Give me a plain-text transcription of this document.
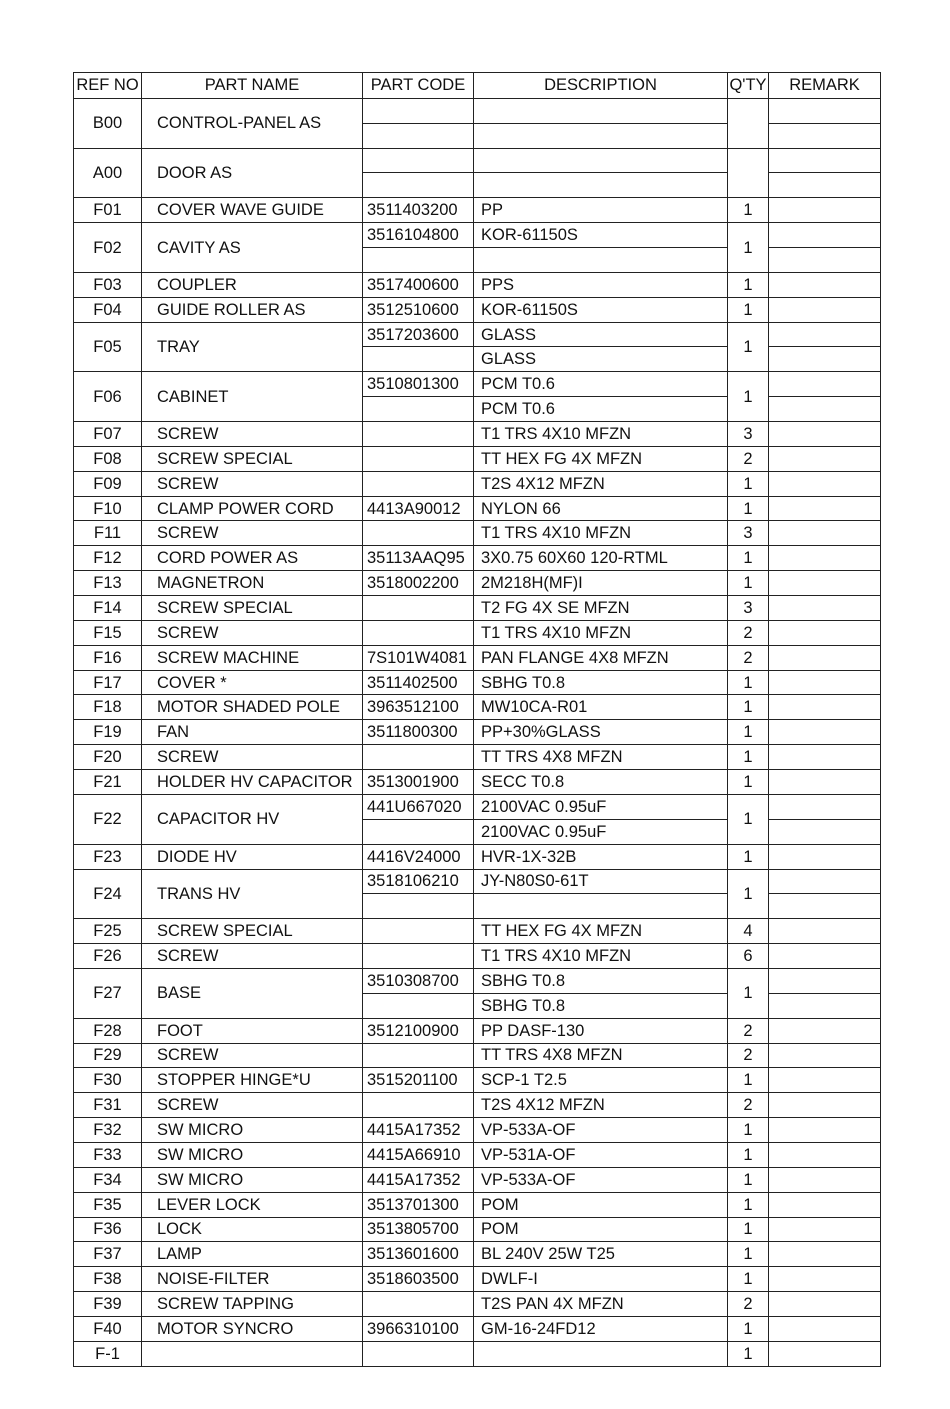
REF NO	PART NAME	PART CODE	DESCRIPTION	Q'TY	REMARK
B00	CONTROL-PANEL AS				

A00	DOOR AS				

F01	COVER WAVE GUIDE	3511403200	PP	1	
F02	CAVITY AS	3516104800	KOR-61150S	1	

F03	COUPLER	3517400600	PPS	1	
F04	GUIDE ROLLER AS	3512510600	KOR-61150S	1	
F05	TRAY	3517203600	GLASS	1	
			GLASS		
F06	CABINET	3510801300	PCM T0.6	1	
			PCM T0.6		
F07	SCREW		T1 TRS 4X10 MFZN	3	
F08	SCREW SPECIAL		TT HEX FG 4X MFZN	2	
F09	SCREW		T2S 4X12 MFZN	1	
F10	CLAMP POWER CORD	4413A90012	NYLON 66	1	
F11	SCREW		T1 TRS 4X10 MFZN	3	
F12	CORD POWER AS	35113AAQ95	3X0.75 60X60 120-RTML	1	
F13	MAGNETRON	3518002200	2M218H(MF)I	1	
F14	SCREW SPECIAL		T2 FG 4X SE MFZN	3	
F15	SCREW		T1 TRS 4X10 MFZN	2	
F16	SCREW MACHINE	7S101W4081	PAN FLANGE 4X8 MFZN	2	
F17	COVER *	3511402500	SBHG T0.8	1	
F18	MOTOR SHADED POLE	3963512100	MW10CA-R01	1	
F19	FAN	3511800300	PP+30%GLASS	1	
F20	SCREW		TT TRS 4X8 MFZN	1	
F21	HOLDER HV CAPACITOR	3513001900	SECC T0.8	1	
F22	CAPACITOR HV	441U667020	2100VAC 0.95uF	1	
			2100VAC 0.95uF		
F23	DIODE HV	4416V24000	HVR-1X-32B	1	
F24	TRANS HV	3518106210	JY-N80S0-61T	1	

F25	SCREW SPECIAL		TT HEX FG 4X MFZN	4	
F26	SCREW		T1 TRS 4X10 MFZN	6	
F27	BASE	3510308700	SBHG T0.8	1	
			SBHG T0.8		
F28	FOOT	3512100900	PP DASF-130	2	
F29	SCREW		TT TRS 4X8 MFZN	2	
F30	STOPPER HINGE*U	3515201100	SCP-1 T2.5	1	
F31	SCREW		T2S 4X12 MFZN	2	
F32	SW MICRO	4415A17352	VP-533A-OF	1	
F33	SW MICRO	4415A66910	VP-531A-OF	1	
F34	SW MICRO	4415A17352	VP-533A-OF	1	
F35	LEVER LOCK	3513701300	POM	1	
F36	LOCK	3513805700	POM	1	
F37	LAMP	3513601600	BL 240V 25W T25	1	
F38	NOISE-FILTER	3518603500	DWLF-I	1	
F39	SCREW TAPPING		T2S PAN 4X MFZN	2	
F40	MOTOR SYNCRO	3966310100	GM-16-24FD12	1	
F-1				1	
